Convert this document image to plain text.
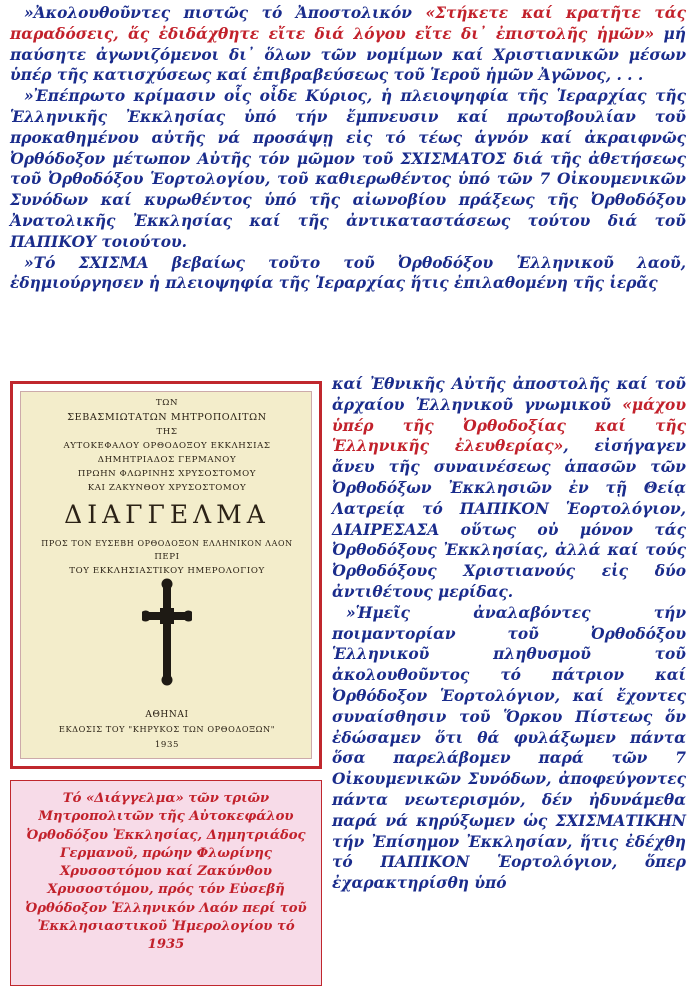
»Ἀκολουθοῦντες πιστῶς τό Ἀποστολικόν «Στήκετε καί κρατῆτε τάς παραδόσεις, ἅς ἐδιδάχθητε εἴτε διά λόγου εἴτε δι᾿ ἐπιστολῆς ἡμῶν» μή παύσητε ἀγωνιζόμενοι δι᾿ ὅλων τῶν νομίμων καί Χριστιανικῶν μέσων ὑπέρ τῆς κατισχύσεως καί ἐπιβραβεύσεως τοῦ Ἱεροῦ ἡμῶν Ἀγῶνος, . . .

»Ἐπέπρωτο κρίμασιν οἷς οἶδε Κύριος, ἡ πλειοψηφία τῆς Ἱεραρχίας τῆς Ἑλληνικῆς Ἐκκλησίας ὑπό τήν ἔμπνευσιν καί πρωτοβουλίαν τοῦ προκαθημένου αὐτῆς νά προσάψῃ εἰς τό τέως ἁγνόν καί ἀκραιφνῶς Ὀρθόδοξον μέτωπον Αὐτῆς τόν μῶμον τοῦ ΣΧΙΣΜΑΤΟΣ διά τῆς ἀθετήσεως τοῦ Ὀρθοδόξου Ἑορτολογίου, τοῦ καθιερωθέντος ὑπό τῶν 7 Οἰκουμενικῶν Συνόδων καί κυρωθέντος ὑπό τῆς αἰωνοβίου πράξεως τῆς Ὀρθοδόξου Ἀνατολικῆς Ἐκκλησίας καί τῆς ἀντικαταστάσεως τούτου διά τοῦ ΠΑΠΙΚΟΥ τοιούτου.

»Τό ΣΧΙΣΜΑ βεβαίως τοῦτο τοῦ Ὀρθοδόξου Ἑλληνικοῦ λαοῦ, ἐδημιούργησεν ἡ πλειοψηφία τῆς Ἱεραρχίας ἥτις ἐπιλαθομένη τῆς ἱερᾶς

ΤΩΝ
ΣΕΒΑΣΜΙΩΤΑΤΩΝ ΜΗΤΡΟΠΟΛΙΤΩΝ
ΤΗΣ
ΑΥΤΟΚΕΦΑΛΟΥ ΟΡΘΟΔΟΞΟΥ ΕΚΚΛΗΣΙΑΣ
ΔΗΜΗΤΡΙΑΔΟΣ ΓΕΡΜΑΝΟΥ
ΠΡΩΗΝ ΦΛΩΡΙΝΗΣ ΧΡΥΣΟΣΤΟΜΟΥ
ΚΑΙ ΖΑΚΥΝΘΟΥ ΧΡΥΣΟΣΤΟΜΟΥ
ΔΙΑΓΓΕΛΜΑ
ΠΡΟΣ ΤΟΝ ΕΥΣΕΒΗ ΟΡΘΟΔΟΞΟΝ ΕΛΛΗΝΙΚΟΝ ΛΑΟΝ
ΠΕΡΙ
ΤΟΥ ΕΚΚΛΗΣΙΑΣΤΙΚΟΥ ΗΜΕΡΟΛΟΓΙΟΥ
ΑΘΗΝΑΙ
ΕΚΔΟΣΙΣ ΤΟΥ "ΚΗΡΥΚΟΣ ΤΩΝ ΟΡΘΟΔΟΞΩΝ"
1935

καί Ἐθνικῆς Αὐτῆς ἀποστολῆς καί τοῦ ἀρχαίου Ἑλληνικοῦ γνωμικοῦ «μάχου ὑπέρ τῆς Ὀρθοδοξίας καί τῆς Ἑλληνικῆς ἐλευθερίας», εἰσήγαγεν ἄνευ τῆς συναινέσεως ἁπασῶν τῶν Ὀρθοδόξων Ἐκκλησιῶν ἐν τῇ Θείᾳ Λατρείᾳ τό ΠΑΠΙΚΟΝ Ἑορτολόγιον, ΔΙΑΙΡΕΣΑΣΑ οὕτως οὐ μόνον τάς Ὀρθοδόξους Ἐκκλησίας, ἀλλά καί τούς Ὀρθοδόξους Χριστιανούς εἰς δύο ἀντιθέτους μερίδας.

»Ἡμεῖς ἀναλαβόντες τήν ποιμαντορίαν τοῦ Ὀρθοδόξου Ἑλληνικοῦ πληθυσμοῦ τοῦ ἀκολουθοῦντος τό πάτριον καί Ὀρθόδοξον Ἑορτολόγιον, καί ἔχοντες συναίσθησιν τοῦ Ὅρκου Πίστεως ὅν ἐδώσαμεν ὅτι θά φυλάξωμεν πάντα ὅσα παρελάβομεν παρά τῶν 7 Οἰκουμενικῶν Συνόδων, ἀποφεύγοντες πάντα νεωτερισμόν, δέν ἠδυνάμεθα παρά νά κηρύξωμεν ὡς ΣΧΙΣΜΑΤΙΚΗΝ τήν Ἐπίσημον Ἐκκλησίαν, ἥτις ἐδέχθη τό ΠΑΠΙΚΟΝ Ἑορτολόγιον, ὅπερ ἐχαρακτηρίσθη ὑπό

Τό «Διάγγελμα» τῶν τριῶν Μητροπολιτῶν τῆς Αὐτοκεφάλου Ὀρθοδόξου Ἐκκλησίας, Δημητριάδος Γερμανοῦ, πρώην Φλωρίνης Χρυσοστόμου καί Ζακύνθου Χρυσοστόμου, πρός τόν Εὐσεβῆ Ὀρθόδοξον Ἑλληνικόν Λαόν περί τοῦ Ἐκκλησιαστικοῦ Ἡμερολογίου τό 1935
